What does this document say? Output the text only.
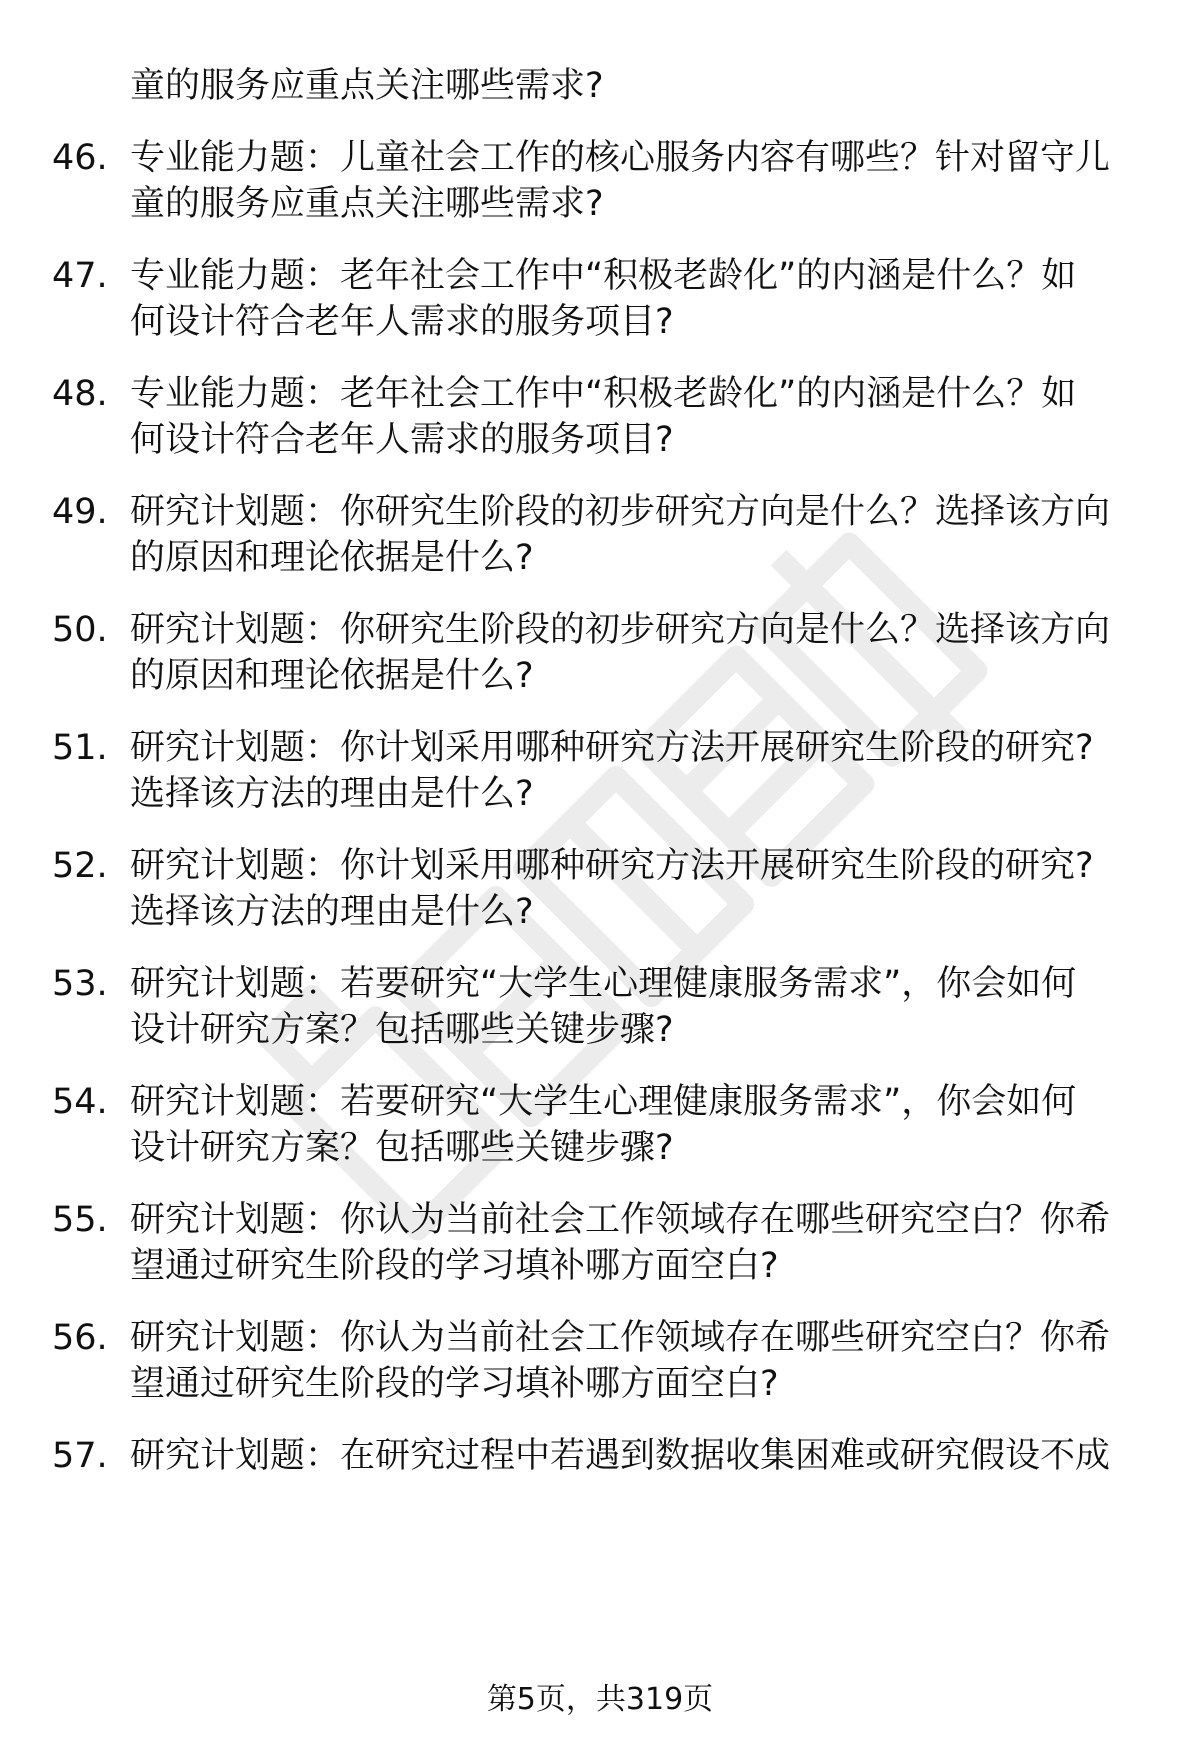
童的服务应重点关注哪些需求?
46. 专业能力题：儿童社会工作的核心服务内容有哪些？针对留守儿
童的服务应重点关注哪些需求?
47. 专业能力题：老年社会工作中“积极老龄化”的内涵是什么？如
何设计符合老年人需求的服务项目?
48. 专业能力题：老年社会工作中“积极老龄化”的内涵是什么？如
何设计符合老年人需求的服务项目?
49. 研究计划题：你研究生阶段的初步研究方向是什么？选择该方向
的原因和理论依据是什么?
50. 研究计划题：你研究生阶段的初步研究方向是什么？选择该方向
的原因和理论依据是什么?
51. 研究计划题：你计划采用哪种研究方法开展研究生阶段的研究?
选择该方法的理由是什么?
52. 研究计划题：你计划采用哪种研究方法开展研究生阶段的研究?
选择该方法的理由是什么?
53. 研究计划题：若要研究“大学生心理健康服务需求”，你会如何
设计研究方案？包括哪些关键步骤?
54. 研究计划题：若要研究“大学生心理健康服务需求”，你会如何
设计研究方案？包括哪些关键步骤?
55. 研究计划题：你认为当前社会工作领域存在哪些研究空白？你希
望通过研究生阶段的学习填补哪方面空白?
56. 研究计划题：你认为当前社会工作领域存在哪些研究空白？你希
望通过研究生阶段的学习填补哪方面空白?
57. 研究计划题：在研究过程中若遇到数据收集困难或研究假设不成
第5页，共319页
